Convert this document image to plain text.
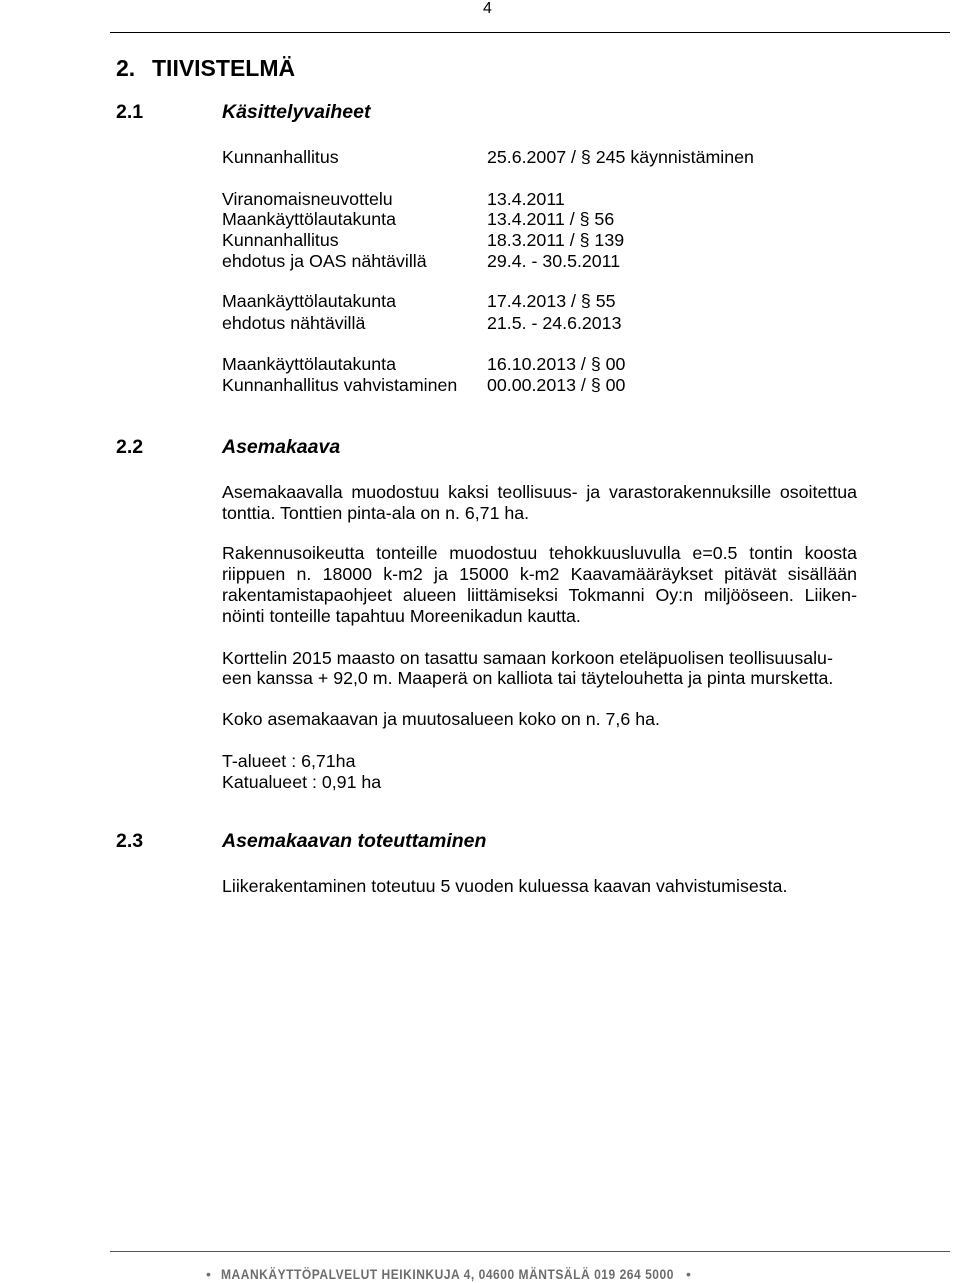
4
2. TIIVISTELMÄ
2.1	Käsittelyvaiheet
Kunnanhallitus	25.6.2007 / § 245 käynnistäminen
Viranomaisneuvottelu	13.4.2011
Maankäyttölautakunta	13.4.2011 / § 56
Kunnanhallitus	18.3.2011 / § 139
ehdotus ja OAS nähtävillä	29.4. - 30.5.2011
Maankäyttölautakunta	17.4.2013 / § 55
ehdotus nähtävillä	21.5. - 24.6.2013
Maankäyttölautakunta	16.10.2013 / § 00
Kunnanhallitus vahvistaminen 00.00.2013 / § 00
2.2	Asemakaava
Asemakaavalla muodostuu kaksi teollisuus- ja varastorakennuksille osoitettua
tonttia. Tonttien pinta-ala on n. 6,71 ha.
Rakennusoikeutta tonteille muodostuu tehokkuusluvulla e=0.5 tontin koosta
riippuen n. 18000 k-m2 ja 15000 k-m2 Kaavamääräykset pitävät sisällään
rakentamistapaohjeet alueen liittämiseksi Tokmanni Oy:n miljööseen. Liiken-
nöinti tonteille tapahtuu Moreenikadun kautta.
Korttelin 2015 maasto on tasattu samaan korkoon eteläpuolisen teollisuusalu-
een kanssa + 92,0 m. Maaperä on kalliota tai täytelouhetta ja pinta mursketta.
Koko asemakaavan ja muutosalueen koko on n. 7,6 ha.
T-alueet : 6,71ha
Katualueet : 0,91 ha
2.3	Asemakaavan toteuttaminen
Liikerakentaminen toteutuu 5 vuoden kuluessa kaavan vahvistumisesta.
• MAANKÄYTTÖPALVELUT HEIKINKUJA 4, 04600 MÄNTSÄLÄ 019 264 5000 •
